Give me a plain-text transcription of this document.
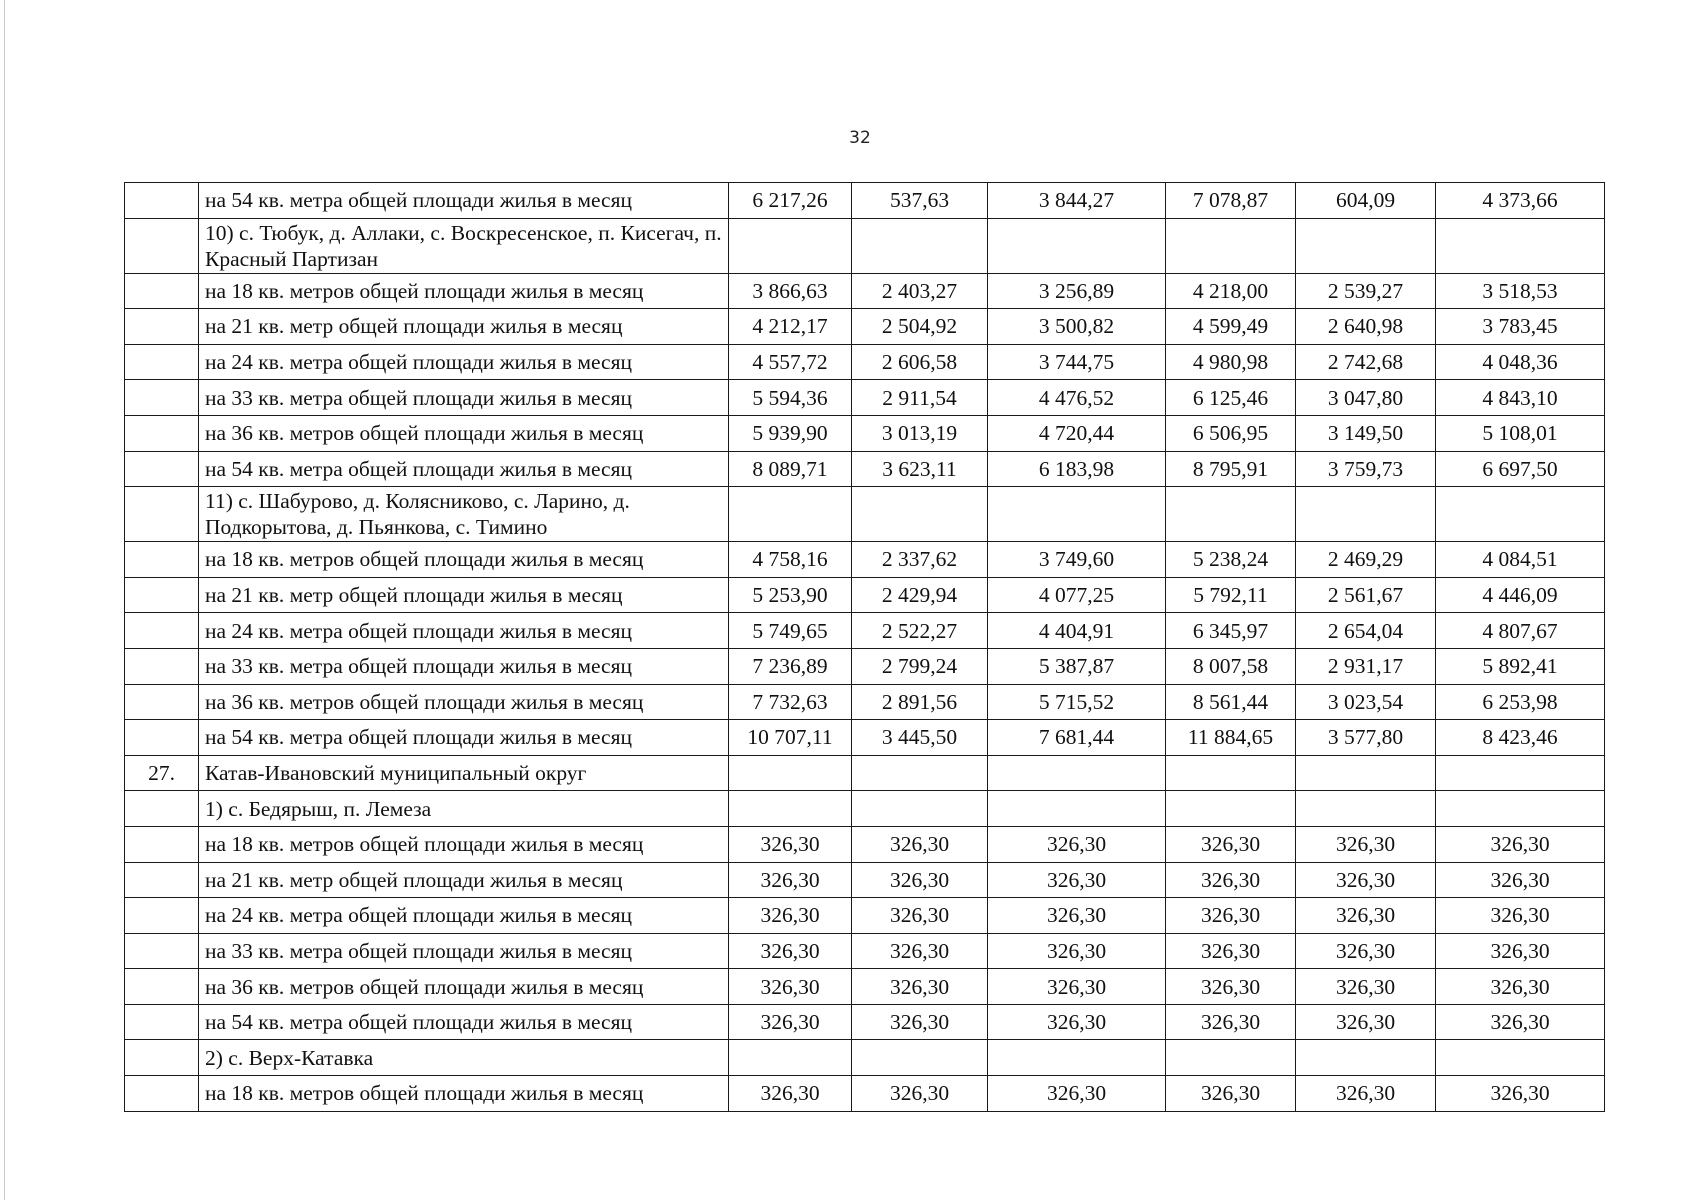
32
	на 54 кв. метра общей площади жилья в месяц	6 217,26	537,63	3 844,27	7 078,87	604,09	4 373,66
	10) с. Тюбук, д. Аллаки, с. Воскресенское, п. Кисегач, п. Красный Партизан						
	на 18 кв. метров общей площади жилья в месяц	3 866,63	2 403,27	3 256,89	4 218,00	2 539,27	3 518,53
	на 21 кв. метр общей площади жилья в месяц	4 212,17	2 504,92	3 500,82	4 599,49	2 640,98	3 783,45
	на 24 кв. метра общей площади жилья в месяц	4 557,72	2 606,58	3 744,75	4 980,98	2 742,68	4 048,36
	на 33 кв. метра общей площади жилья в месяц	5 594,36	2 911,54	4 476,52	6 125,46	3 047,80	4 843,10
	на 36 кв. метров общей площади жилья в месяц	5 939,90	3 013,19	4 720,44	6 506,95	3 149,50	5 108,01
	на 54 кв. метра общей площади жилья в месяц	8 089,71	3 623,11	6 183,98	8 795,91	3 759,73	6 697,50
	11) с. Шабурово, д. Колясниково, с. Ларино, д. Подкорытова, д. Пьянкова, с. Тимино						
	на 18 кв. метров общей площади жилья в месяц	4 758,16	2 337,62	3 749,60	5 238,24	2 469,29	4 084,51
	на 21 кв. метр общей площади жилья в месяц	5 253,90	2 429,94	4 077,25	5 792,11	2 561,67	4 446,09
	на 24 кв. метра общей площади жилья в месяц	5 749,65	2 522,27	4 404,91	6 345,97	2 654,04	4 807,67
	на 33 кв. метра общей площади жилья в месяц	7 236,89	2 799,24	5 387,87	8 007,58	2 931,17	5 892,41
	на 36 кв. метров общей площади жилья в месяц	7 732,63	2 891,56	5 715,52	8 561,44	3 023,54	6 253,98
	на 54 кв. метра общей площади жилья в месяц	10 707,11	3 445,50	7 681,44	11 884,65	3 577,80	8 423,46
27.	Катав-Ивановский муниципальный округ						
	1) с. Бедярыш, п. Лемеза						
	на 18 кв. метров общей площади жилья в месяц	326,30	326,30	326,30	326,30	326,30	326,30
	на 21 кв. метр общей площади жилья в месяц	326,30	326,30	326,30	326,30	326,30	326,30
	на 24 кв. метра общей площади жилья в месяц	326,30	326,30	326,30	326,30	326,30	326,30
	на 33 кв. метра общей площади жилья в месяц	326,30	326,30	326,30	326,30	326,30	326,30
	на 36 кв. метров общей площади жилья в месяц	326,30	326,30	326,30	326,30	326,30	326,30
	на 54 кв. метра общей площади жилья в месяц	326,30	326,30	326,30	326,30	326,30	326,30
	2) с. Верх-Катавка						
	на 18 кв. метров общей площади жилья в месяц	326,30	326,30	326,30	326,30	326,30	326,30
